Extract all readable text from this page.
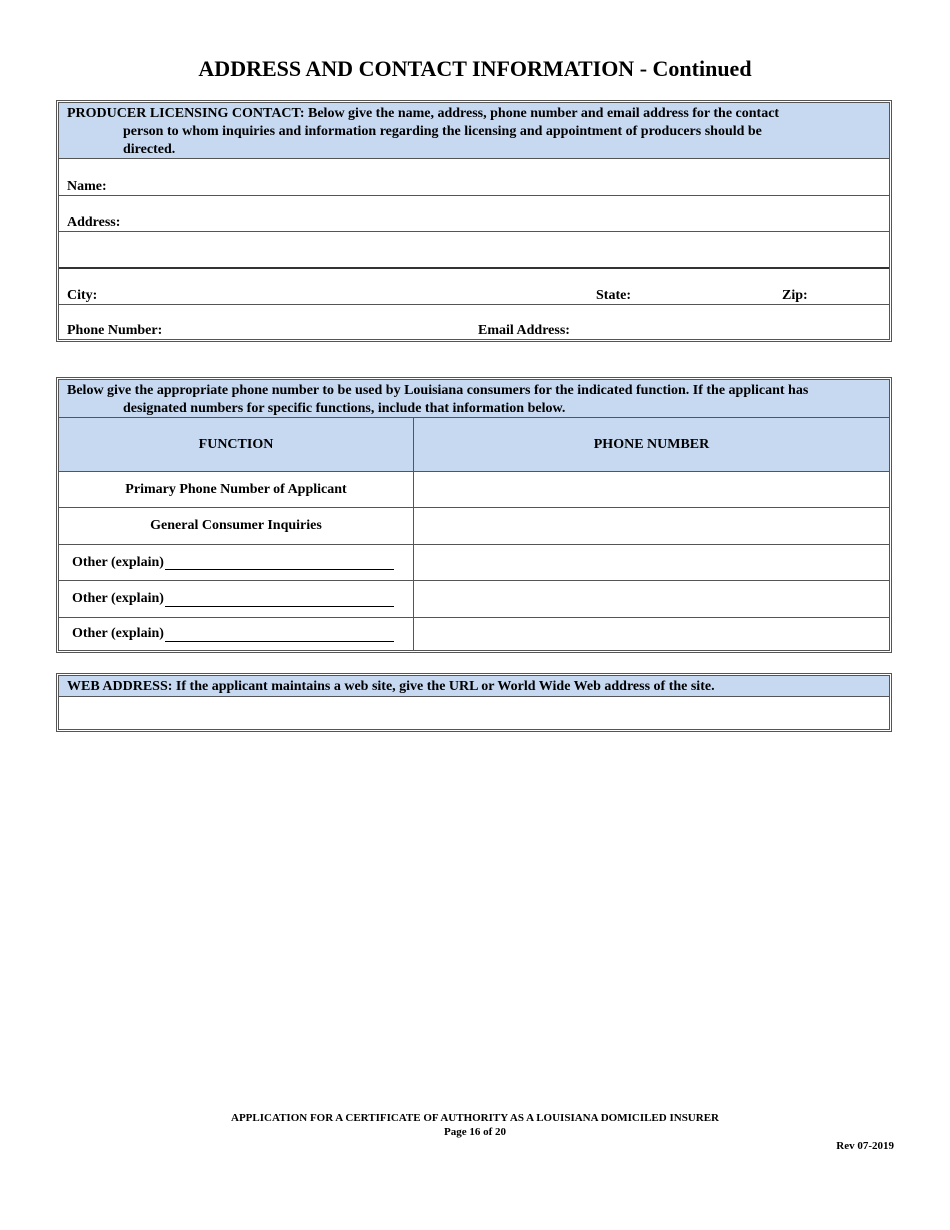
ADDRESS AND CONTACT INFORMATION - Continued
PRODUCER LICENSING CONTACT: Below give the name, address, phone number and email address for the contact
person to whom inquiries and information regarding the licensing and appointment of producers should be
directed.
Name:
Address:
City:	State:	Zip:
Phone Number:	Email Address:
Below give the appropriate phone number to be used by Louisiana consumers for the indicated function. If the applicant has
designated numbers for specific functions, include that information below.
FUNCTION	PHONE NUMBER
Primary Phone Number of Applicant
General Consumer Inquiries
Other (explain)
Other (explain)
Other (explain)
WEB ADDRESS: If the applicant maintains a web site, give the URL or World Wide Web address of the site.
APPLICATION FOR A CERTIFICATE OF AUTHORITY AS A LOUISIANA DOMICILED INSURER
Page 16 of 20
Rev 07-2019
